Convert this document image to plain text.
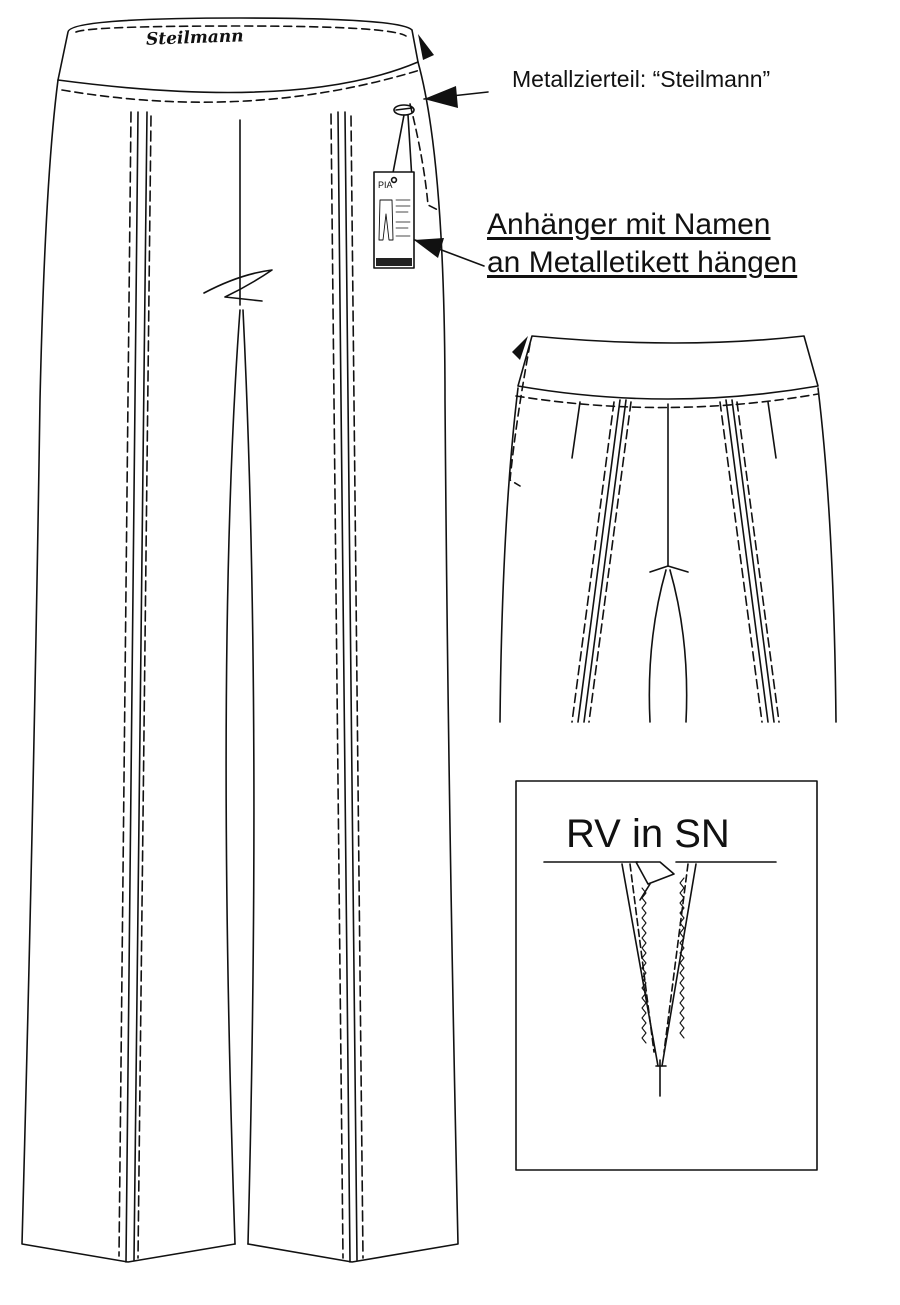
Steilmann
PIA
Metallzierteil: “Steilmann”
Anhänger mit Namen
an Metalletikett hängen
RV in SN
